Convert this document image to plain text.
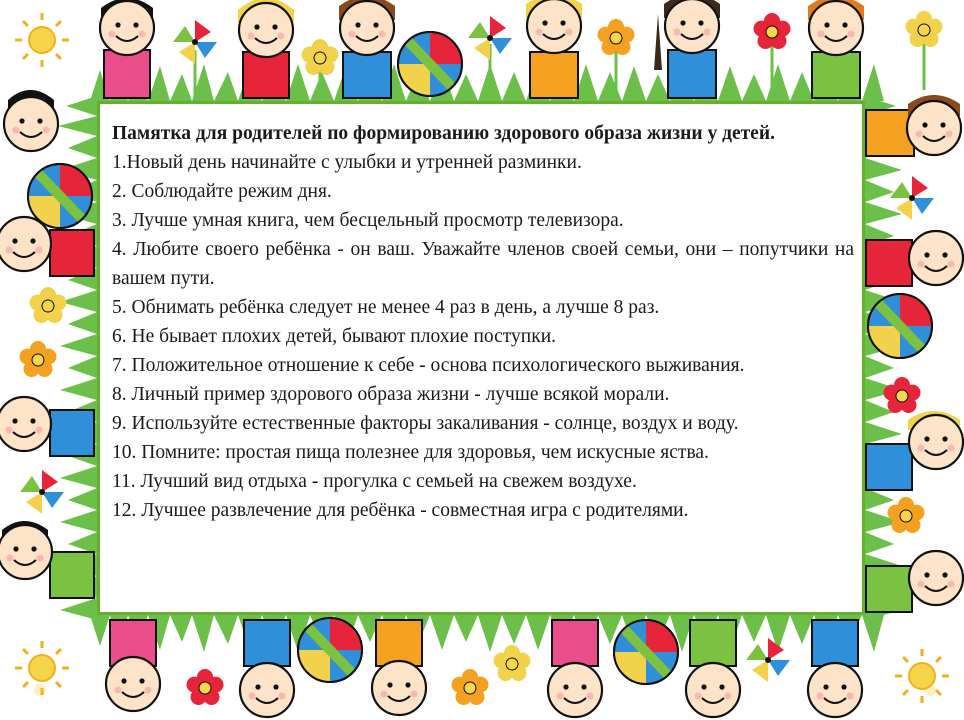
Памятка для родителей по формированию здорового образа жизни у детей.

1.Новый день начинайте с улыбки и утренней разминки.
2. Соблюдайте режим дня.
3. Лучше умная книга, чем бесцельный просмотр телевизора.
4. Любите своего ребёнка - он ваш. Уважайте членов своей семьи, они – попутчики на вашем пути.
5. Обнимать ребёнка следует не менее 4 раз в день, а лучше 8 раз.
6. Не бывает плохих детей, бывают плохие поступки.
7. Положительное отношение к себе - основа психологического выживания.
8. Личный пример здорового образа жизни - лучше всякой морали.
9. Используйте естественные факторы закаливания - солнце, воздух и воду.
10. Помните: простая пища полезнее для здоровья, чем искусные яства.
11. Лучший вид отдыха - прогулка с семьей на свежем воздухе.
12. Лучшее развлечение для ребёнка - совместная игра с родителями.
